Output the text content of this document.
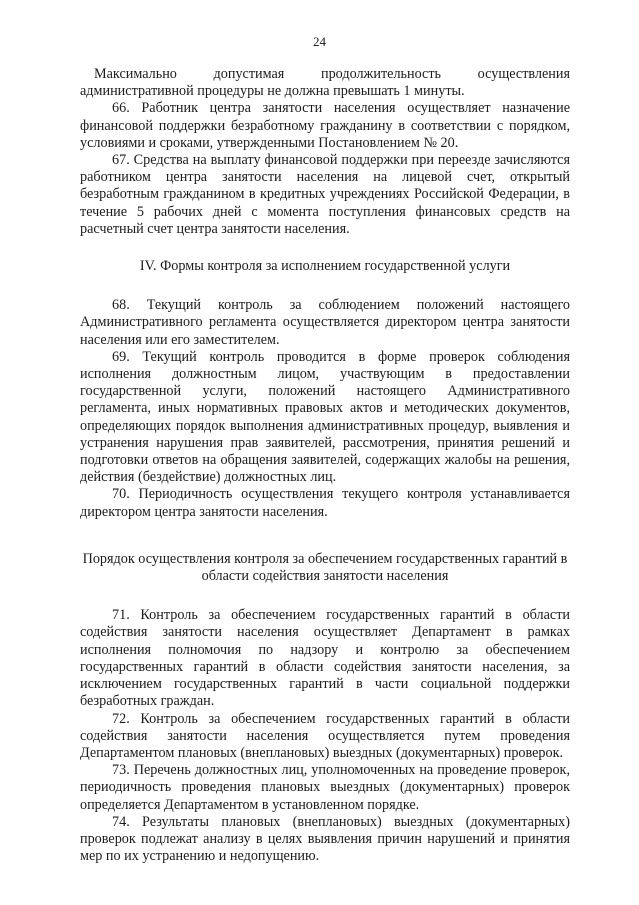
24

Максимально допустимая продолжительность осуществления административной процедуры не должна превышать 1 минуты.

66. Работник центра занятости населения осуществляет назначение финансовой поддержки безработному гражданину в соответствии с порядком, условиями и сроками, утвержденными Постановлением № 20.

67. Средства на выплату финансовой поддержки при переезде зачисляются работником центра занятости населения на лицевой счет, открытый безработным гражданином в кредитных учреждениях Российской Федерации, в течение 5 рабочих дней с момента поступления финансовых средств на расчетный счет центра занятости населения.

IV. Формы контроля за исполнением государственной услуги

68. Текущий контроль за соблюдением положений настоящего Административного регламента осуществляется директором центра занятости населения или его заместителем.

69. Текущий контроль проводится в форме проверок соблюдения исполнения должностным лицом, участвующим в предоставлении государственной услуги, положений настоящего Административного регламента, иных нормативных правовых актов и методических документов, определяющих порядок выполнения административных процедур, выявления и устранения нарушения прав заявителей, рассмотрения, принятия решений и подготовки ответов на обращения заявителей, содержащих жалобы на решения, действия (бездействие) должностных лиц.

70. Периодичность осуществления текущего контроля устанавливается директором центра занятости населения.

Порядок осуществления контроля за обеспечением государственных гарантий в области содействия занятости населения

71. Контроль за обеспечением государственных гарантий в области содействия занятости населения осуществляет Департамент в рамках исполнения полномочия по надзору и контролю за обеспечением государственных гарантий в области содействия занятости населения, за исключением государственных гарантий в части социальной поддержки безработных граждан.

72. Контроль за обеспечением государственных гарантий в области содействия занятости населения осуществляется путем проведения Департаментом плановых (внеплановых) выездных (документарных) проверок.

73. Перечень должностных лиц, уполномоченных на проведение проверок, периодичность проведения плановых выездных (документарных) проверок определяется Департаментом в установленном порядке.

74. Результаты плановых (внеплановых) выездных (документарных) проверок подлежат анализу в целях выявления причин нарушений и принятия мер по их устранению и недопущению.
